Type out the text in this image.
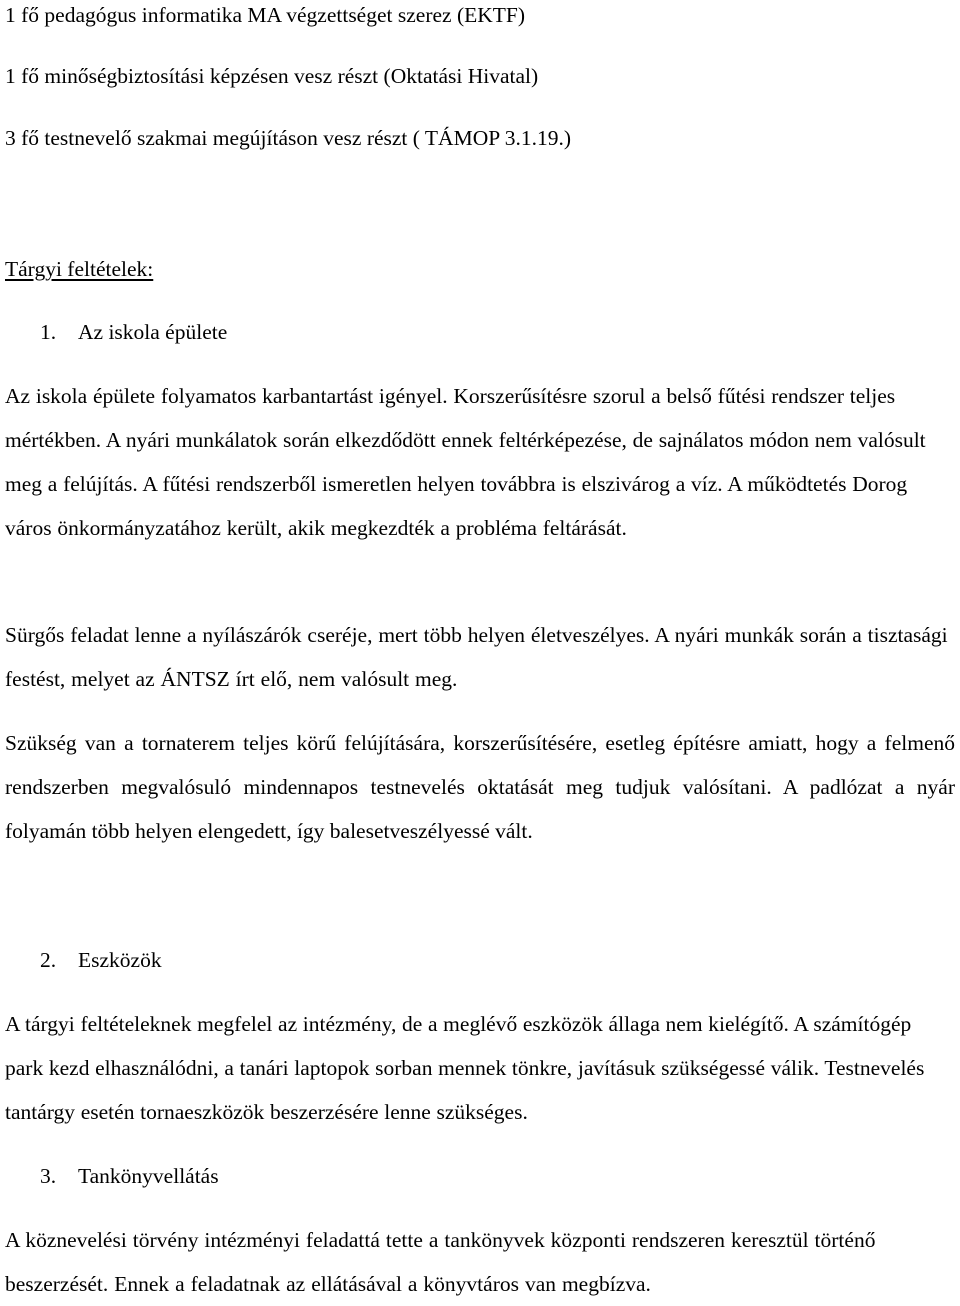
1 fő pedagógus informatika MA végzettséget szerez (EKTF)
1 fő minőségbiztosítási képzésen vesz részt (Oktatási Hivatal)
3 fő testnevelő szakmai megújításon vesz részt ( TÁMOP 3.1.19.)
Tárgyi feltételek:
1. Az iskola épülete

Az iskola épülete folyamatos karbantartást igényel. Korszerűsítésre szorul a belső fűtési rendszer teljes mértékben. A nyári munkálatok során elkezdődött ennek feltérképezése, de sajnálatos módon nem valósult meg a felújítás. A fűtési rendszerből ismeretlen helyen továbbra is elszivárog a víz. A működtetés Dorog város önkormányzatához került, akik megkezdték a probléma feltárását.

Sürgős feladat lenne a nyílászárók cseréje, mert több helyen életveszélyes. A nyári munkák során a tisztasági festést, melyet az ÁNTSZ írt elő, nem valósult meg.

Szükség van a tornaterem teljes körű felújítására, korszerűsítésére, esetleg építésre amiatt, hogy a felmenő rendszerben megvalósuló mindennapos testnevelés oktatását meg tudjuk valósítani. A padlózat a nyár folyamán több helyen elengedett, így balesetveszélyessé vált.

2. Eszközök

A tárgyi feltételeknek megfelel az intézmény, de a meglévő eszközök állaga nem kielégítő. A számítógép park kezd elhasználódni, a tanári laptopok sorban mennek tönkre, javításuk szükségessé válik. Testnevelés tantárgy esetén tornaeszközök beszerzésére lenne szükséges.

3. Tankönyvellátás

A köznevelési törvény intézményi feladattá tette a tankönyvek központi rendszeren keresztül történő beszerzését. Ennek a feladatnak az ellátásával a könyvtáros van megbízva.
